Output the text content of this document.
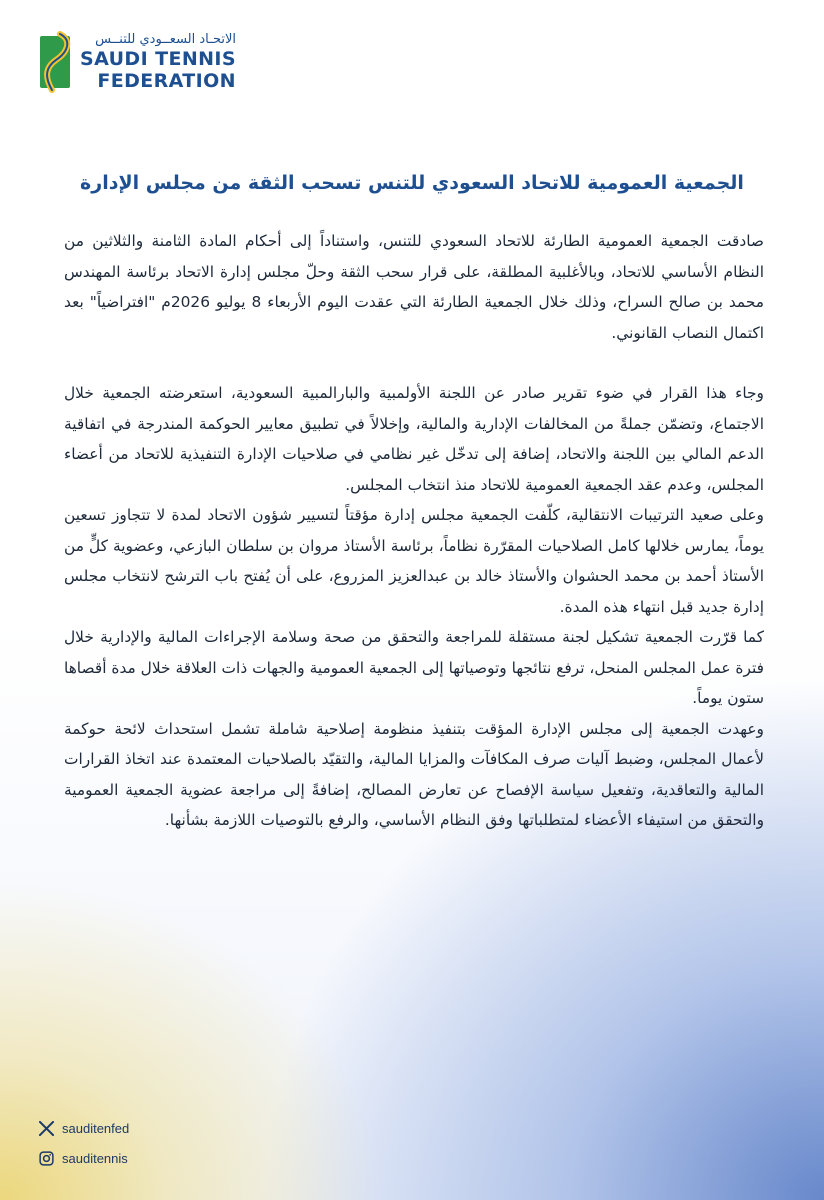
الاتحـاد السعــودي للتنــس
SAUDI TENNIS
FEDERATION
الجمعية العمومية للاتحاد السعودي للتنس تسحب الثقة من مجلس الإدارة

صادقت الجمعية العمومية الطارئة للاتحاد السعودي للتنس، واستناداً إلى أحكام المادة الثامنة والثلاثين من النظام الأساسي للاتحاد، وبالأغلبية المطلقة، على قرار سحب الثقة وحلّ مجلس إدارة الاتحاد برئاسة المهندس محمد بن صالح السراح، وذلك خلال الجمعية الطارئة التي عقدت اليوم الأربعاء 8 يوليو 2026م "افتراضياً" بعد اكتمال النصاب القانوني.

وجاء هذا القرار في ضوء تقرير صادر عن اللجنة الأولمبية والبارالمبية السعودية، استعرضته الجمعية خلال الاجتماع، وتضمّن جملةً من المخالفات الإدارية والمالية، وإخلالاً في تطبيق معايير الحوكمة المندرجة في اتفاقية الدعم المالي بين اللجنة والاتحاد، إضافة إلى تدخّل غير نظامي في صلاحيات الإدارة التنفيذية للاتحاد من أعضاء المجلس، وعدم عقد الجمعية العمومية للاتحاد منذ انتخاب المجلس.

وعلى صعيد الترتيبات الانتقالية، كلّفت الجمعية مجلس إدارة مؤقتاً لتسيير شؤون الاتحاد لمدة لا تتجاوز تسعين يوماً، يمارس خلالها كامل الصلاحيات المقرّرة نظاماً، برئاسة الأستاذ مروان بن سلطان البازعي، وعضوية كلٍّ من الأستاذ أحمد بن محمد الحشوان والأستاذ خالد بن عبدالعزيز المزروع، على أن يُفتح باب الترشح لانتخاب مجلس إدارة جديد قبل انتهاء هذه المدة.

كما قرّرت الجمعية تشكيل لجنة مستقلة للمراجعة والتحقق من صحة وسلامة الإجراءات المالية والإدارية خلال فترة عمل المجلس المنحل، ترفع نتائجها وتوصياتها إلى الجمعية العمومية والجهات ذات العلاقة خلال مدة أقصاها ستون يوماً.

وعهدت الجمعية إلى مجلس الإدارة المؤقت بتنفيذ منظومة إصلاحية شاملة تشمل استحداث لائحة حوكمة لأعمال المجلس، وضبط آليات صرف المكافآت والمزايا المالية، والتقيّد بالصلاحيات المعتمدة عند اتخاذ القرارات المالية والتعاقدية، وتفعيل سياسة الإفصاح عن تعارض المصالح، إضافةً إلى مراجعة عضوية الجمعية العمومية والتحقق من استيفاء الأعضاء لمتطلباتها وفق النظام الأساسي، والرفع بالتوصيات اللازمة بشأنها.

sauditenfed
sauditennis
